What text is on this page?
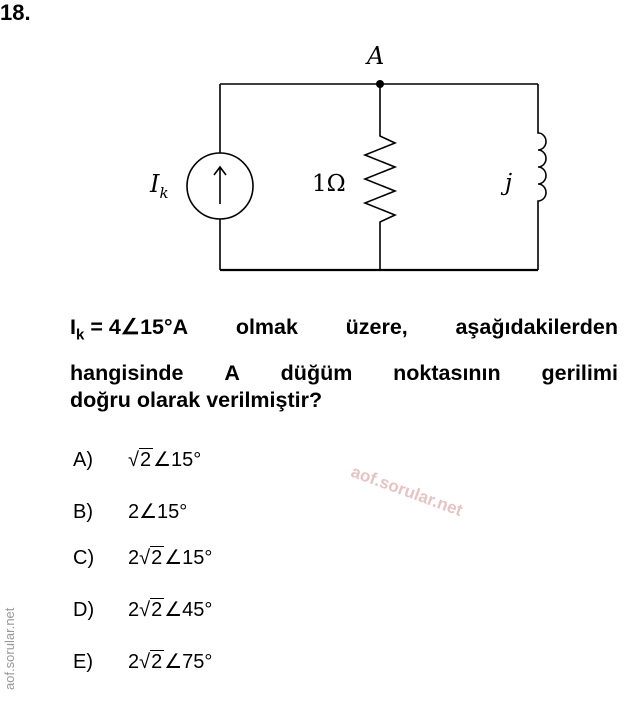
18.
A
$I_k$	1Ω	j
$I_k$ = 4∠15°A olmak üzere, aşağıdakilerden
hangisinde A düğüm noktasının gerilimi
doğru olarak verilmiştir?
A)	√2 ∠15°
B)	2 ∠15°
C)	2 √2 ∠15°
D)	2 √2 ∠45°
E)	2 √2 ∠75°
aof.sorular.net
aof.sorular.net
